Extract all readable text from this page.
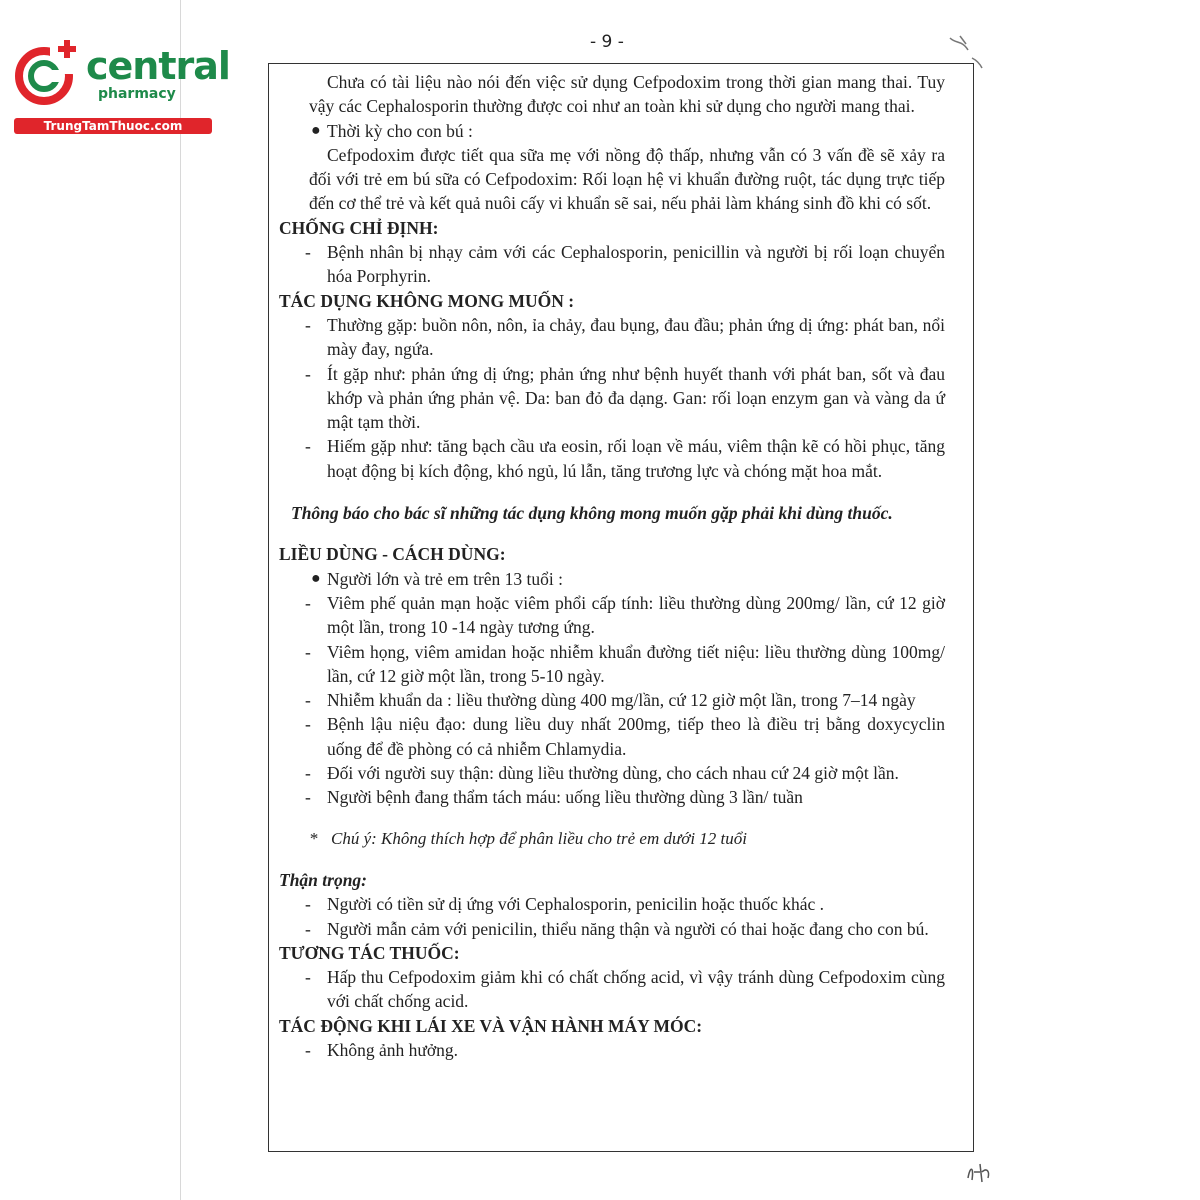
central
pharmacy
TrungTamThuoc.com
- 9 -

Chưa có tài liệu nào nói đến việc sử dụng Cefpodoxim trong thời gian mang thai. Tuy vậy các Cephalosporin thường được coi như an toàn khi sử dụng cho người mang thai.

● Thời kỳ cho con bú :

Cefpodoxim được tiết qua sữa mẹ với nồng độ thấp, nhưng vẫn có 3 vấn đề sẽ xảy ra đối với trẻ em bú sữa có Cefpodoxim: Rối loạn hệ vi khuẩn đường ruột, tác dụng trực tiếp đến cơ thể trẻ và kết quả nuôi cấy vi khuẩn sẽ sai, nếu phải làm kháng sinh đồ khi có sốt.

CHỐNG CHỈ ĐỊNH:

- Bệnh nhân bị nhạy cảm với các Cephalosporin, penicillin và người bị rối loạn chuyển hóa Porphyrin.

TÁC DỤNG KHÔNG MONG MUỐN :

- Thường gặp: buồn nôn, nôn, ỉa chảy, đau bụng, đau đầu; phản ứng dị ứng: phát ban, nổi mày đay, ngứa.

- Ít gặp như: phản ứng dị ứng; phản ứng như bệnh huyết thanh với phát ban, sốt và đau khớp và phản ứng phản vệ. Da: ban đỏ đa dạng. Gan: rối loạn enzym gan và vàng da ứ mật tạm thời.

- Hiếm gặp như: tăng bạch cầu ưa eosin, rối loạn về máu, viêm thận kẽ có hồi phục, tăng hoạt động bị kích động, khó ngủ, lú lẫn, tăng trương lực và chóng mặt hoa mắt.

Thông báo cho bác sĩ những tác dụng không mong muốn gặp phải khi dùng thuốc.

LIỀU DÙNG - CÁCH DÙNG:

● Người lớn và trẻ em trên 13 tuổi :

- Viêm phế quản mạn hoặc viêm phổi cấp tính: liều thường dùng 200mg/ lần, cứ 12 giờ một lần, trong 10 -14 ngày tương ứng.

- Viêm họng, viêm amidan hoặc nhiễm khuẩn đường tiết niệu: liều thường dùng 100mg/ lần, cứ 12 giờ một lần, trong 5-10 ngày.

- Nhiễm khuẩn da : liều thường dùng 400 mg/lần, cứ 12 giờ một lần, trong 7–14 ngày

- Bệnh lậu niệu đạo: dung liều duy nhất 200mg, tiếp theo là điều trị bằng doxycyclin uống để đề phòng có cả nhiễm Chlamydia.

- Đối với người suy thận: dùng liều thường dùng, cho cách nhau cứ 24 giờ một lần.

- Người bệnh đang thẩm tách máu: uống liều thường dùng 3 lần/ tuần

* Chú ý: Không thích hợp để phân liều cho trẻ em dưới 12 tuổi

Thận trọng:

- Người có tiền sử dị ứng với Cephalosporin, penicilin hoặc thuốc khác .

- Người mẫn cảm với penicilin, thiểu năng thận và người có thai hoặc đang cho con bú.

TƯƠNG TÁC THUỐC:

- Hấp thu Cefpodoxim giảm khi có chất chống acid, vì vậy tránh dùng Cefpodoxim cùng với chất chống acid.

TÁC ĐỘNG KHI LÁI XE VÀ VẬN HÀNH MÁY MÓC:

- Không ảnh hưởng.
